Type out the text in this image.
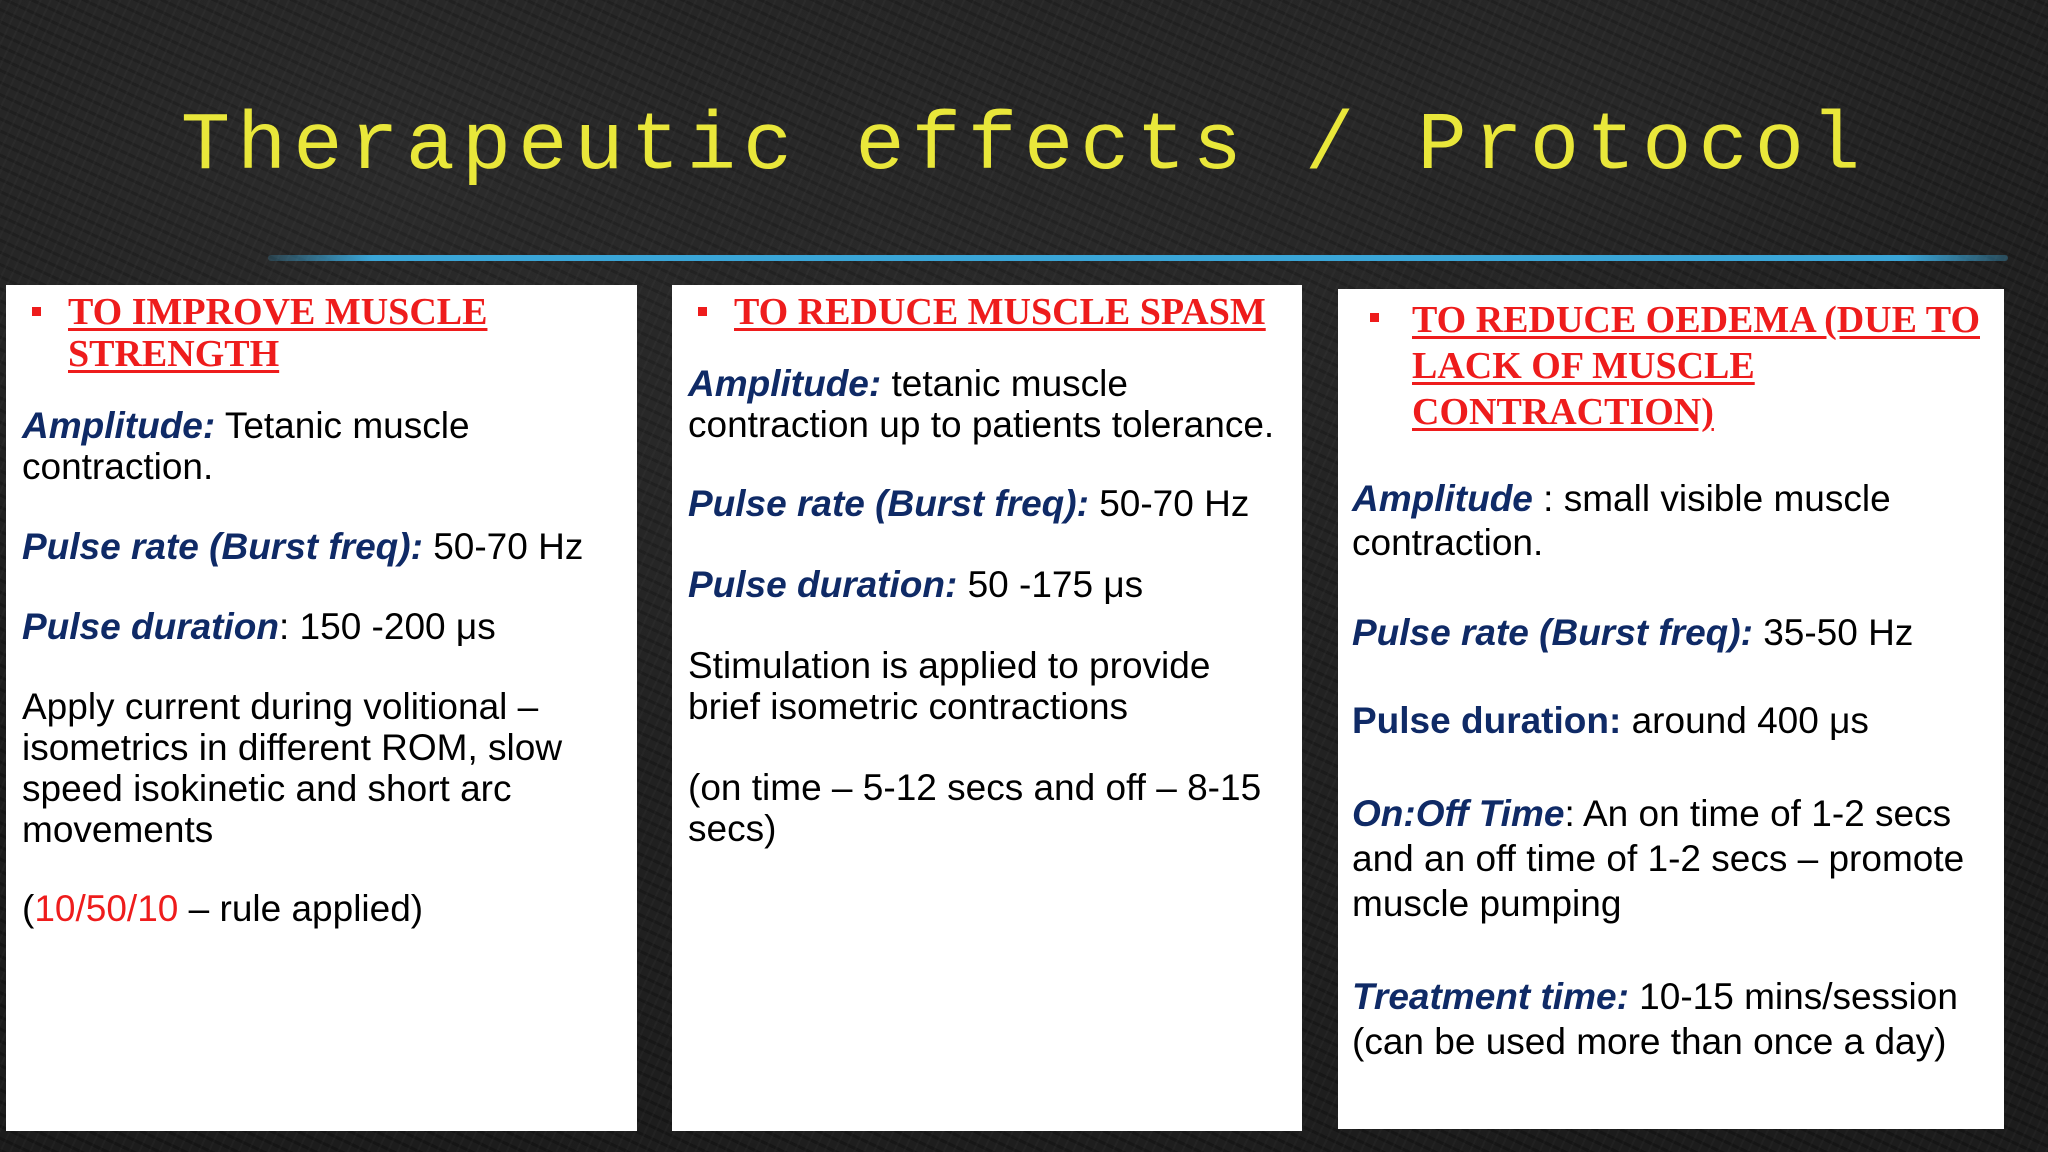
Therapeutic effects / Protocol
TO IMPROVE MUSCLE STRENGTH

Amplitude: Tetanic muscle contraction.

Pulse rate (Burst freq): 50-70 Hz

Pulse duration: 150 -200 μs

Apply current during volitional – isometrics in different ROM, slow speed isokinetic and short arc movements

(10/50/10 – rule applied)

TO REDUCE MUSCLE SPASM

Amplitude: tetanic muscle contraction up to patients tolerance.

Pulse rate (Burst freq): 50-70 Hz

Pulse duration: 50 -175 μs

Stimulation is applied to provide brief isometric contractions

(on time – 5-12 secs and off – 8-15 secs)

TO REDUCE OEDEMA (DUE TO LACK OF MUSCLE CONTRACTION)

Amplitude : small visible muscle contraction.

Pulse rate (Burst freq): 35-50 Hz

Pulse duration: around 400 μs

On:Off Time: An on time of 1-2 secs and an off time of 1-2 secs – promote muscle pumping

Treatment time: 10-15 mins/session (can be used more than once a day)
